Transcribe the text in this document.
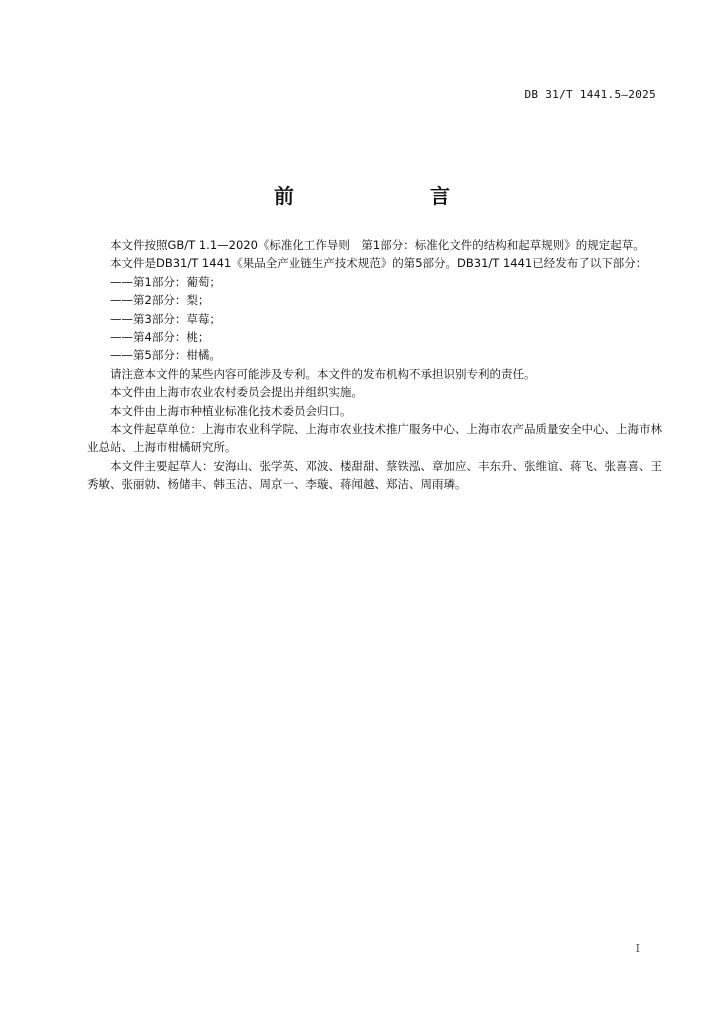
DB 31/T 1441.5—2025
前　　言

本文件按照GB/T 1.1—2020《标准化工作导则　第1部分：标准化文件的结构和起草规则》的规定起草。

本文件是DB31/T 1441《果品全产业链生产技术规范》的第5部分。DB31/T 1441已经发布了以下部分：

——第1部分：葡萄；

——第2部分：梨；

——第3部分：草莓；

——第4部分：桃；

——第5部分：柑橘。

请注意本文件的某些内容可能涉及专利。本文件的发布机构不承担识别专利的责任。

本文件由上海市农业农村委员会提出并组织实施。

本文件由上海市种植业标准化技术委员会归口。

本文件起草单位：上海市农业科学院、上海市农业技术推广服务中心、上海市农产品质量安全中心、上海市林业总站、上海市柑橘研究所。

本文件主要起草人：安海山、张学英、邓波、楼甜甜、蔡铁泓、章加应、丰东升、张维谊、蒋飞、张喜喜、王秀敏、张丽勍、杨储丰、韩玉洁、周京一、李璇、蒋闻越、郑洁、周雨璘。

I
